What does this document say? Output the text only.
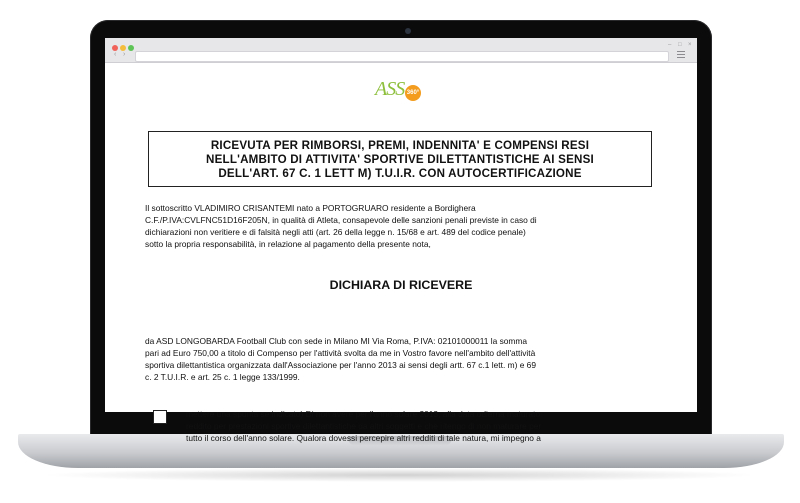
– □ ×
‹ ›
ASS 360°
RICEVUTA PER RIMBORSI, PREMI, INDENNITA' E COMPENSI RESI
NELL'AMBITO DI ATTIVITA' SPORTIVE DILETTANTISTICHE AI SENSI
DELL'ART. 67 C. 1 LETT M) T.U.I.R. CON AUTOCERTIFICAZIONE
Il sottoscritto VLADIMIRO CRISANTEMI nato a PORTOGRUARO residente a Bordighera
C.F./P.IVA:CVLFNC51D16F205N, in qualità di Atleta, consapevole delle sanzioni penali previste in caso di
dichiarazioni non veritiere e di falsità negli atti (art. 26 della legge n. 15/68 e art. 489 del codice penale)
sotto la propria responsabilità, in relazione al pagamento della presente nota,
DICHIARA DI RICEVERE
da ASD LONGOBARDA Football Club con sede in Milano MI Via Roma, P.IVA: 02101000011 la somma
pari ad Euro 750,00 a titolo di Compenso per l'attività svolta da me in Vostro favore nell'ambito dell'attività
sportiva dilettantistica organizzata dall'Associazione per l'anno 2013 ai sensi degli artt. 67 c.1 lett. m) e 69
c. 2 T.U.I.R. e art. 25 c. 1 legge 133/1999.
mettere una spunta se indicato) Di non avere per l'anno solare 2013, alla data odierna maturato
reddito per prestazioni sportive dilettantistiche da altri soggetti e che ritengo di non maturare per
tutto il corso dell'anno solare. Qualora dovessi percepire altri redditi di tale natura, mi impegno a
